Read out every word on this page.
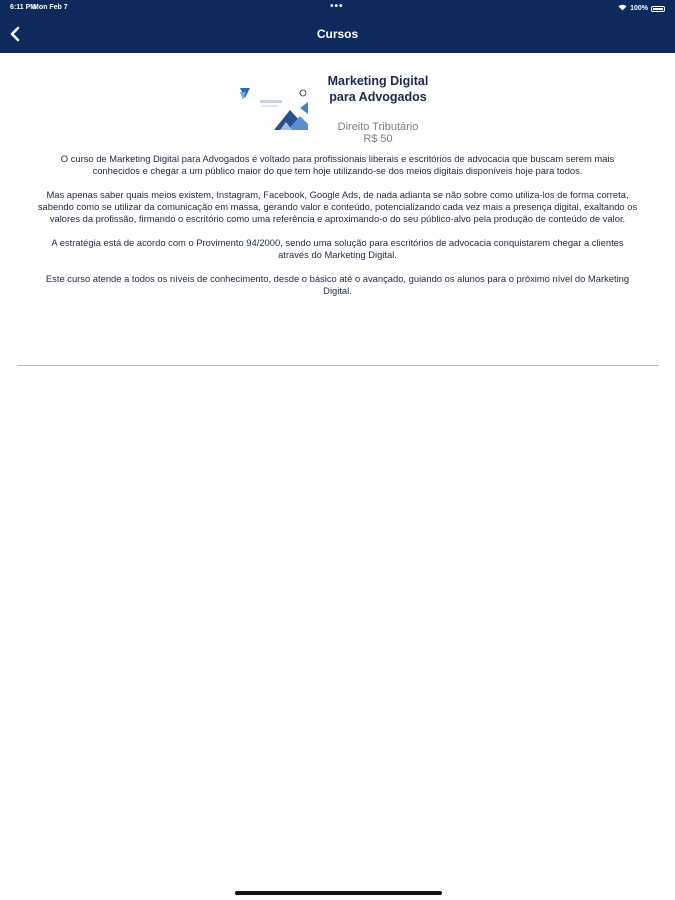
6:11 PM
Mon Feb 7	•••	100%
Cursos
Marketing Digital para Advogados
Direito Tributário
R$ 50

O curso de Marketing Digital para Advogados é voltado para profissionais liberais e escritórios de advocacia que buscam serem mais conhecidos e chegar a um público maior do que tem hoje utilizando-se dos meios digitais disponíveis hoje para todos.

Mas apenas saber quais meios existem, Instagram, Facebook, Google Ads, de nada adianta se não sobre como utiliza-los de forma correta, sabendo como se utilizar da comunicação em massa, gerando valor e conteúdo, potencializando cada vez mais a presença digital, exaltando os valores da profissão, firmando o escritório como uma referência e aproximando-o do seu público-alvo pela produção de conteúdo de valor.

A estratégia está de acordo com o Provimento 94/2000, sendo uma solução para escritórios de advocacia conquistarem chegar a clientes através do Marketing Digital.

Este curso atende a todos os níveis de conhecimento, desde o básico até o avançado, guiando os alunos para o próximo nível do Marketing Digital.
